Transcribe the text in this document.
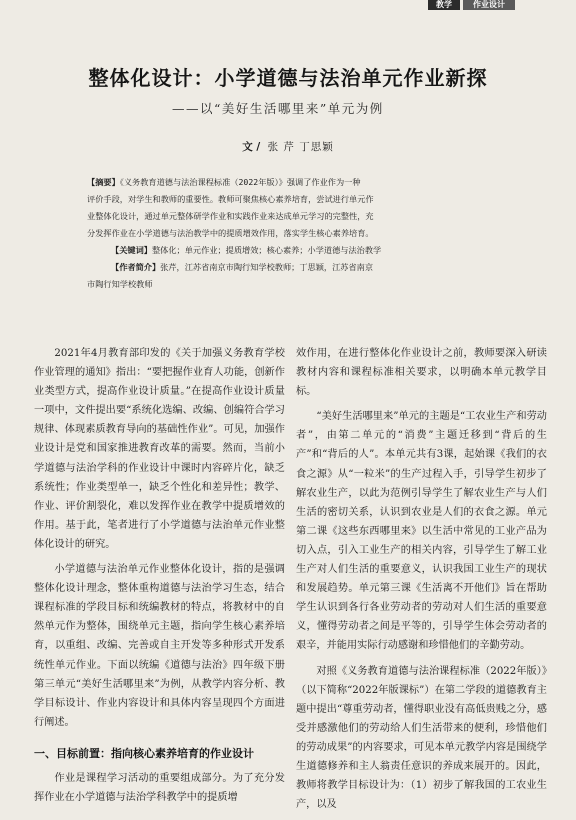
教学	作业设计
整体化设计：小学道德与法治单元作业新探

——以“美好生活哪里来”单元为例

文 / 张 芹 丁思颖

【摘要】《义务教育道德与法治课程标准（2022年版）》强调了作业作为一种
评价手段，对学生和教师的重要性。教师可聚焦核心素养培育，尝试进行单元作
业整体化设计，通过单元整体研学作业和实践作业来达成单元学习的完整性，充
分发挥作业在小学道德与法治教学中的提质增效作用，落实学生核心素养培育。
【关键词】整体化；单元作业；提质增效；核心素养；小学道德与法治教学
【作者简介】张芹，江苏省南京市陶行知学校教师；丁思颖，江苏省南京
市陶行知学校教师

2021年4月教育部印发的《关于加强义务教育学校作业管理的通知》指出：“要把握作业育人功能，创新作业类型方式，提高作业设计质量。”在提高作业设计质量一项中，文件提出要“系统化选编、改编、创编符合学习规律、体现素质教育导向的基础性作业”。可见，加强作业设计是党和国家推进教育改革的需要。然而，当前小学道德与法治学科的作业设计中课时内容碎片化，缺乏系统性；作业类型单一，缺乏个性化和差异性；教学、作业、评价割裂化，难以发挥作业在教学中提质增效的作用。基于此，笔者进行了小学道德与法治单元作业整体化设计的研究。

小学道德与法治单元作业整体化设计，指的是强调整体化设计理念，整体重构道德与法治学习生态，结合课程标准的学段目标和统编教材的特点，将教材中的自然单元作为整体，围绕单元主题，指向学生核心素养培育，以重组、改编、完善或自主开发等多种形式开发系统性单元作业。下面以统编《道德与法治》四年级下册第三单元“美好生活哪里来”为例，从教学内容分析、教学目标设计、作业内容设计和具体内容呈现四个方面进行阐述。

一、目标前置：指向核心素养培育的作业设计

作业是课程学习活动的重要组成部分。为了充分发挥作业在小学道德与法治学科教学中的提质增

效作用，在进行整体化作业设计之前，教师要深入研读教材内容和课程标准相关要求，以明确本单元教学目标。

“美好生活哪里来”单元的主题是“工农业生产和劳动者”，由第二单元的“消费”主题迁移到“背后的生产”和“背后的人”。本单元共有3课，起始课《我们的衣食之源》从“一粒米”的生产过程入手，引导学生初步了解农业生产，以此为范例引导学生了解农业生产与人们生活的密切关系，认识到农业是人们的衣食之源。单元第二课《这些东西哪里来》以生活中常见的工业产品为切入点，引入工业生产的相关内容，引导学生了解工业生产对人们生活的重要意义，认识我国工业生产的现状和发展趋势。单元第三课《生活离不开他们》旨在帮助学生认识到各行各业劳动者的劳动对人们生活的重要意义，懂得劳动者之间是平等的，引导学生体会劳动者的艰辛，并能用实际行动感谢和珍惜他们的辛勤劳动。

对照《义务教育道德与法治课程标准（2022年版）》（以下简称“2022年版课标”）在第二学段的道德教育主题中提出“尊重劳动者，懂得职业没有高低贵贱之分，感受并感激他们的劳动给人们生活带来的便利，珍惜他们的劳动成果”的内容要求，可见本单元教学内容是围绕学生道德修养和主人翁责任意识的养成来展开的。因此，教师将教学目标设计为：（1）初步了解我国的工农业生产，以及
